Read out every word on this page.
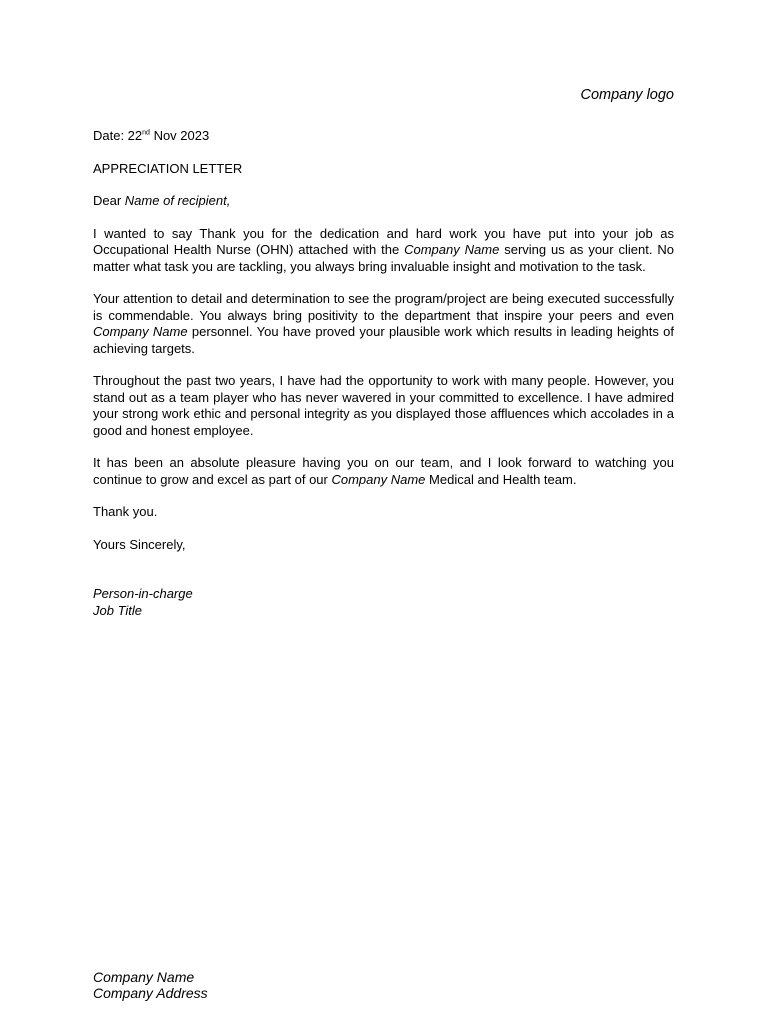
Company logo

Date: 22nd Nov 2023

APPRECIATION LETTER

Dear Name of recipient,

I wanted to say Thank you for the dedication and hard work you have put into your job as Occupational Health Nurse (OHN) attached with the Company Name serving us as your client. No matter what task you are tackling, you always bring invaluable insight and motivation to the task.

Your attention to detail and determination to see the program/project are being executed successfully is commendable. You always bring positivity to the department that inspire your peers and even Company Name personnel. You have proved your plausible work which results in leading heights of achieving targets.

Throughout the past two years, I have had the opportunity to work with many people. However, you stand out as a team player who has never wavered in your committed to excellence. I have admired your strong work ethic and personal integrity as you displayed those affluences which accolades in a good and honest employee.

It has been an absolute pleasure having you on our team, and I look forward to watching you continue to grow and excel as part of our Company Name Medical and Health team.

Thank you.

Yours Sincerely,

Person-in-charge
Job Title
Company Name
Company Address
